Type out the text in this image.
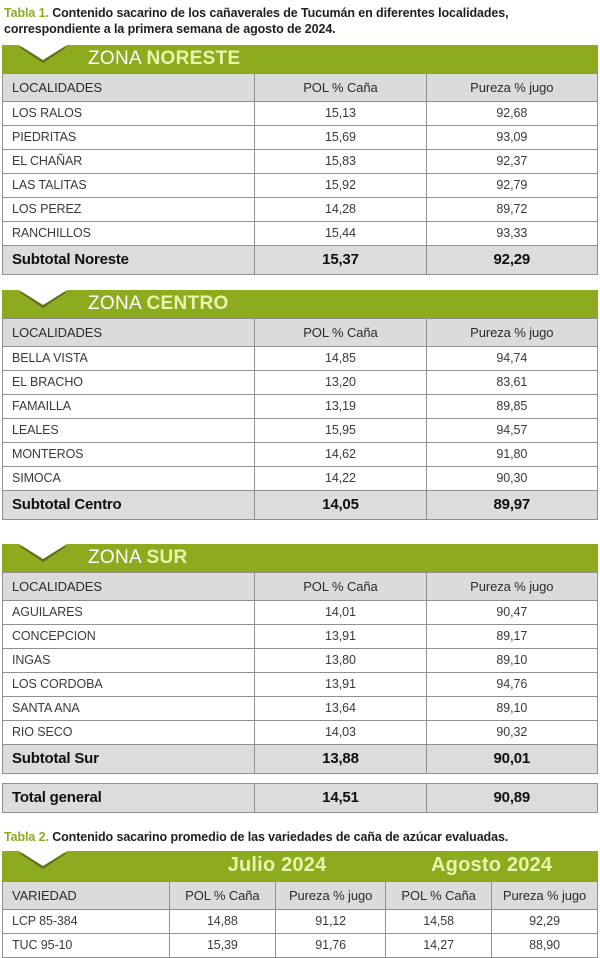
Tabla 1. Contenido sacarino de los cañaverales de Tucumán en diferentes localidades, correspondiente a la primera semana de agosto de 2024.

ZONA NORESTE
LOCALIDADES	POL % Caña	Pureza % jugo
LOS RALOS	15,13	92,68
PIEDRITAS	15,69	93,09
EL CHAÑAR	15,83	92,37
LAS TALITAS	15,92	92,79
LOS PEREZ	14,28	89,72
RANCHILLOS	15,44	93,33
Subtotal Noreste	15,37	92,29
ZONA CENTRO
LOCALIDADES	POL % Caña	Pureza % jugo
BELLA VISTA	14,85	94,74
EL BRACHO	13,20	83,61
FAMAILLA	13,19	89,85
LEALES	15,95	94,57
MONTEROS	14,62	91,80
SIMOCA	14,22	90,30
Subtotal Centro	14,05	89,97
ZONA SUR
LOCALIDADES	POL % Caña	Pureza % jugo
AGUILARES	14,01	90,47
CONCEPCION	13,91	89,17
INGAS	13,80	89,10
LOS CORDOBA	13,91	94,76
SANTA ANA	13,64	89,10
RIO SECO	14,03	90,32
Subtotal Sur	13,88	90,01
Total general	14,51	90,89

Tabla 2. Contenido sacarino promedio de las variedades de caña de azúcar evaluadas.

Julio 2024	Agosto 2024
VARIEDAD	POL % Caña	Pureza % jugo	POL % Caña	Pureza % jugo
LCP 85-384	14,88	91,12	14,58	92,29
TUC 95-10	15,39	91,76	14,27	88,90
